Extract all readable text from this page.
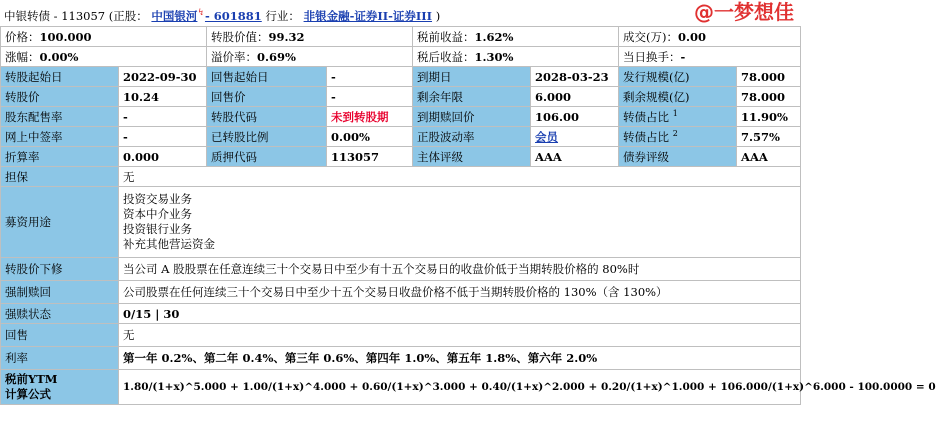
中银转债 - 113057 (正股： 中国银河↯- 601881 行业： 非银金融-证券II-证券III )	@一梦想佳
价格：100.000		转股价值：99.32		税前收益：1.62%		成交(万)：0.00	
涨幅：0.00%		溢价率：0.69%		税后收益：1.30%		当日换手：-	
转股起始日	2022-09-30	回售起始日	-	到期日	2028-03-23	发行规模(亿)	78.000
转股价	10.24	回售价	-	剩余年限	6.000	剩余规模(亿)	78.000
股东配售率	-	转股代码	未到转股期	到期赎回价	106.00	转债占比 $^1$	11.90%
网上中签率	-	已转股比例	0.00%	正股波动率	会员	转债占比 $^2$	7.57%
折算率	0.000	质押代码	113057	主体评级	AAA	债券评级	AAA
担保	无						
募资用途	投资交易业务
资本中介业务
投资银行业务
补充其他营运资金						

转股价下修	当公司 A 股股票在任意连续三十个交易日中至少有十五个交易日的收盘价低于当期转股价格的 80%时						
强制赎回	公司股票在任何连续三十个交易日中至少十五个交易日收盘价格不低于当期转股价格的 130%（含 130%）						
强赎状态	0/15 | 30						
回售	无						
利率	第一年 0.2%、第二年 0.4%、第三年 0.6%、第四年 1.0%、第五年 1.8%、第六年 2.0%						

税前YTM
计算公式	1.80/(1+x)^5.000 + 1.00/(1+x)^4.000 + 0.60/(1+x)^3.000 + 0.40/(1+x)^2.000 + 0.20/(1+x)^1.000 + 106.000/(1+x)^6.000 - 100.0000 = 0						
